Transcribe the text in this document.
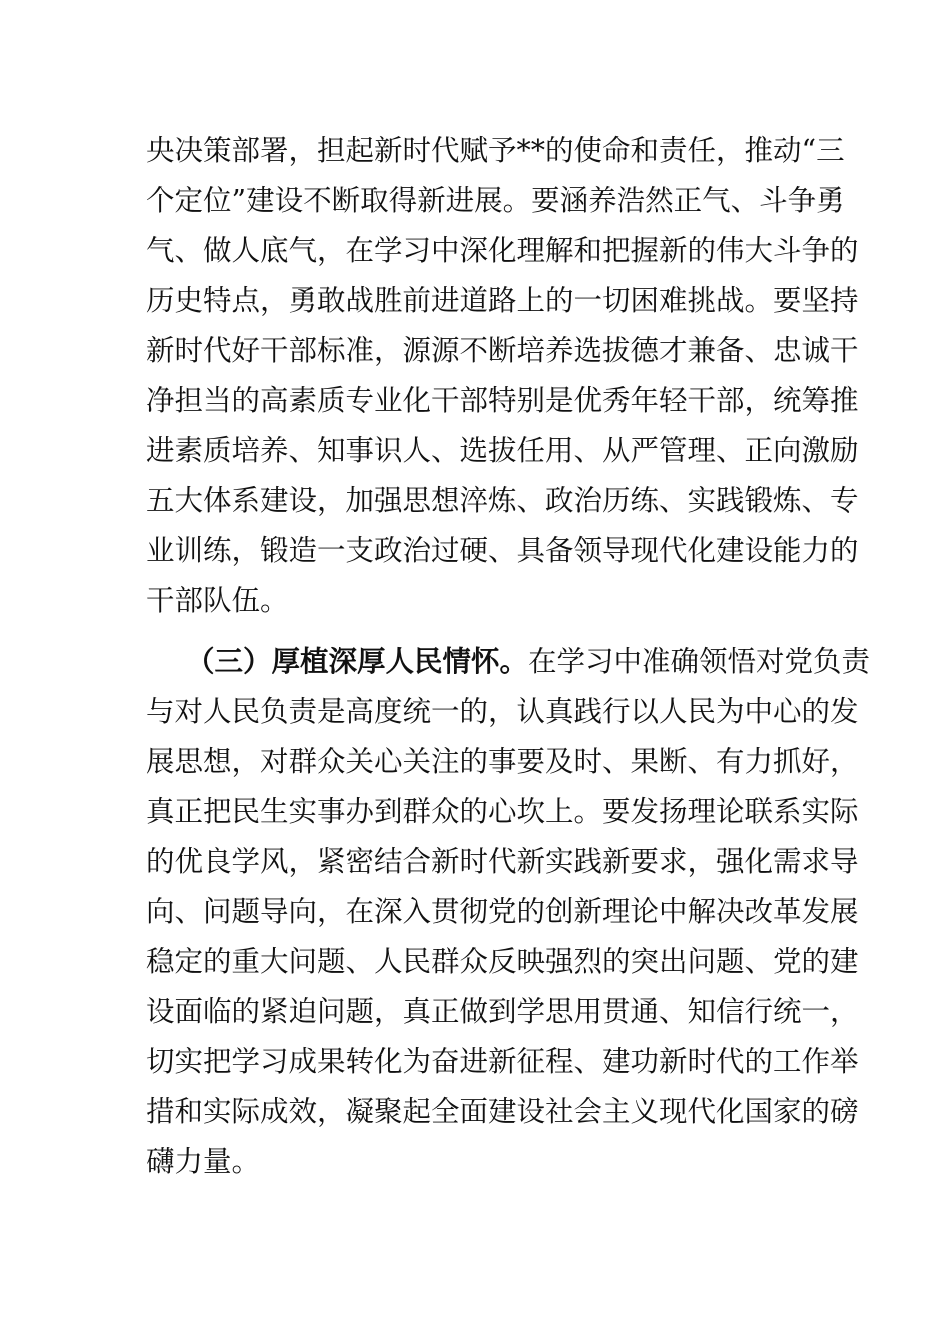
央决策部署，担起新时代赋予**的使命和责任，推动“三
个定位”建设不断取得新进展。要涵养浩然正气、斗争勇
气、做人底气，在学习中深化理解和把握新的伟大斗争的
历史特点，勇敢战胜前进道路上的一切困难挑战。要坚持
新时代好干部标准，源源不断培养选拔德才兼备、忠诚干
净担当的高素质专业化干部特别是优秀年轻干部，统筹推
进素质培养、知事识人、选拔任用、从严管理、正向激励
五大体系建设，加强思想淬炼、政治历练、实践锻炼、专
业训练，锻造一支政治过硬、具备领导现代化建设能力的
干部队伍。
（三）厚植深厚人民情怀。在学习中准确领悟对党负责
与对人民负责是高度统一的，认真践行以人民为中心的发
展思想，对群众关心关注的事要及时、果断、有力抓好，
真正把民生实事办到群众的心坎上。要发扬理论联系实际
的优良学风，紧密结合新时代新实践新要求，强化需求导
向、问题导向，在深入贯彻党的创新理论中解决改革发展
稳定的重大问题、人民群众反映强烈的突出问题、党的建
设面临的紧迫问题，真正做到学思用贯通、知信行统一，
切实把学习成果转化为奋进新征程、建功新时代的工作举
措和实际成效，凝聚起全面建设社会主义现代化国家的磅
礴力量。
